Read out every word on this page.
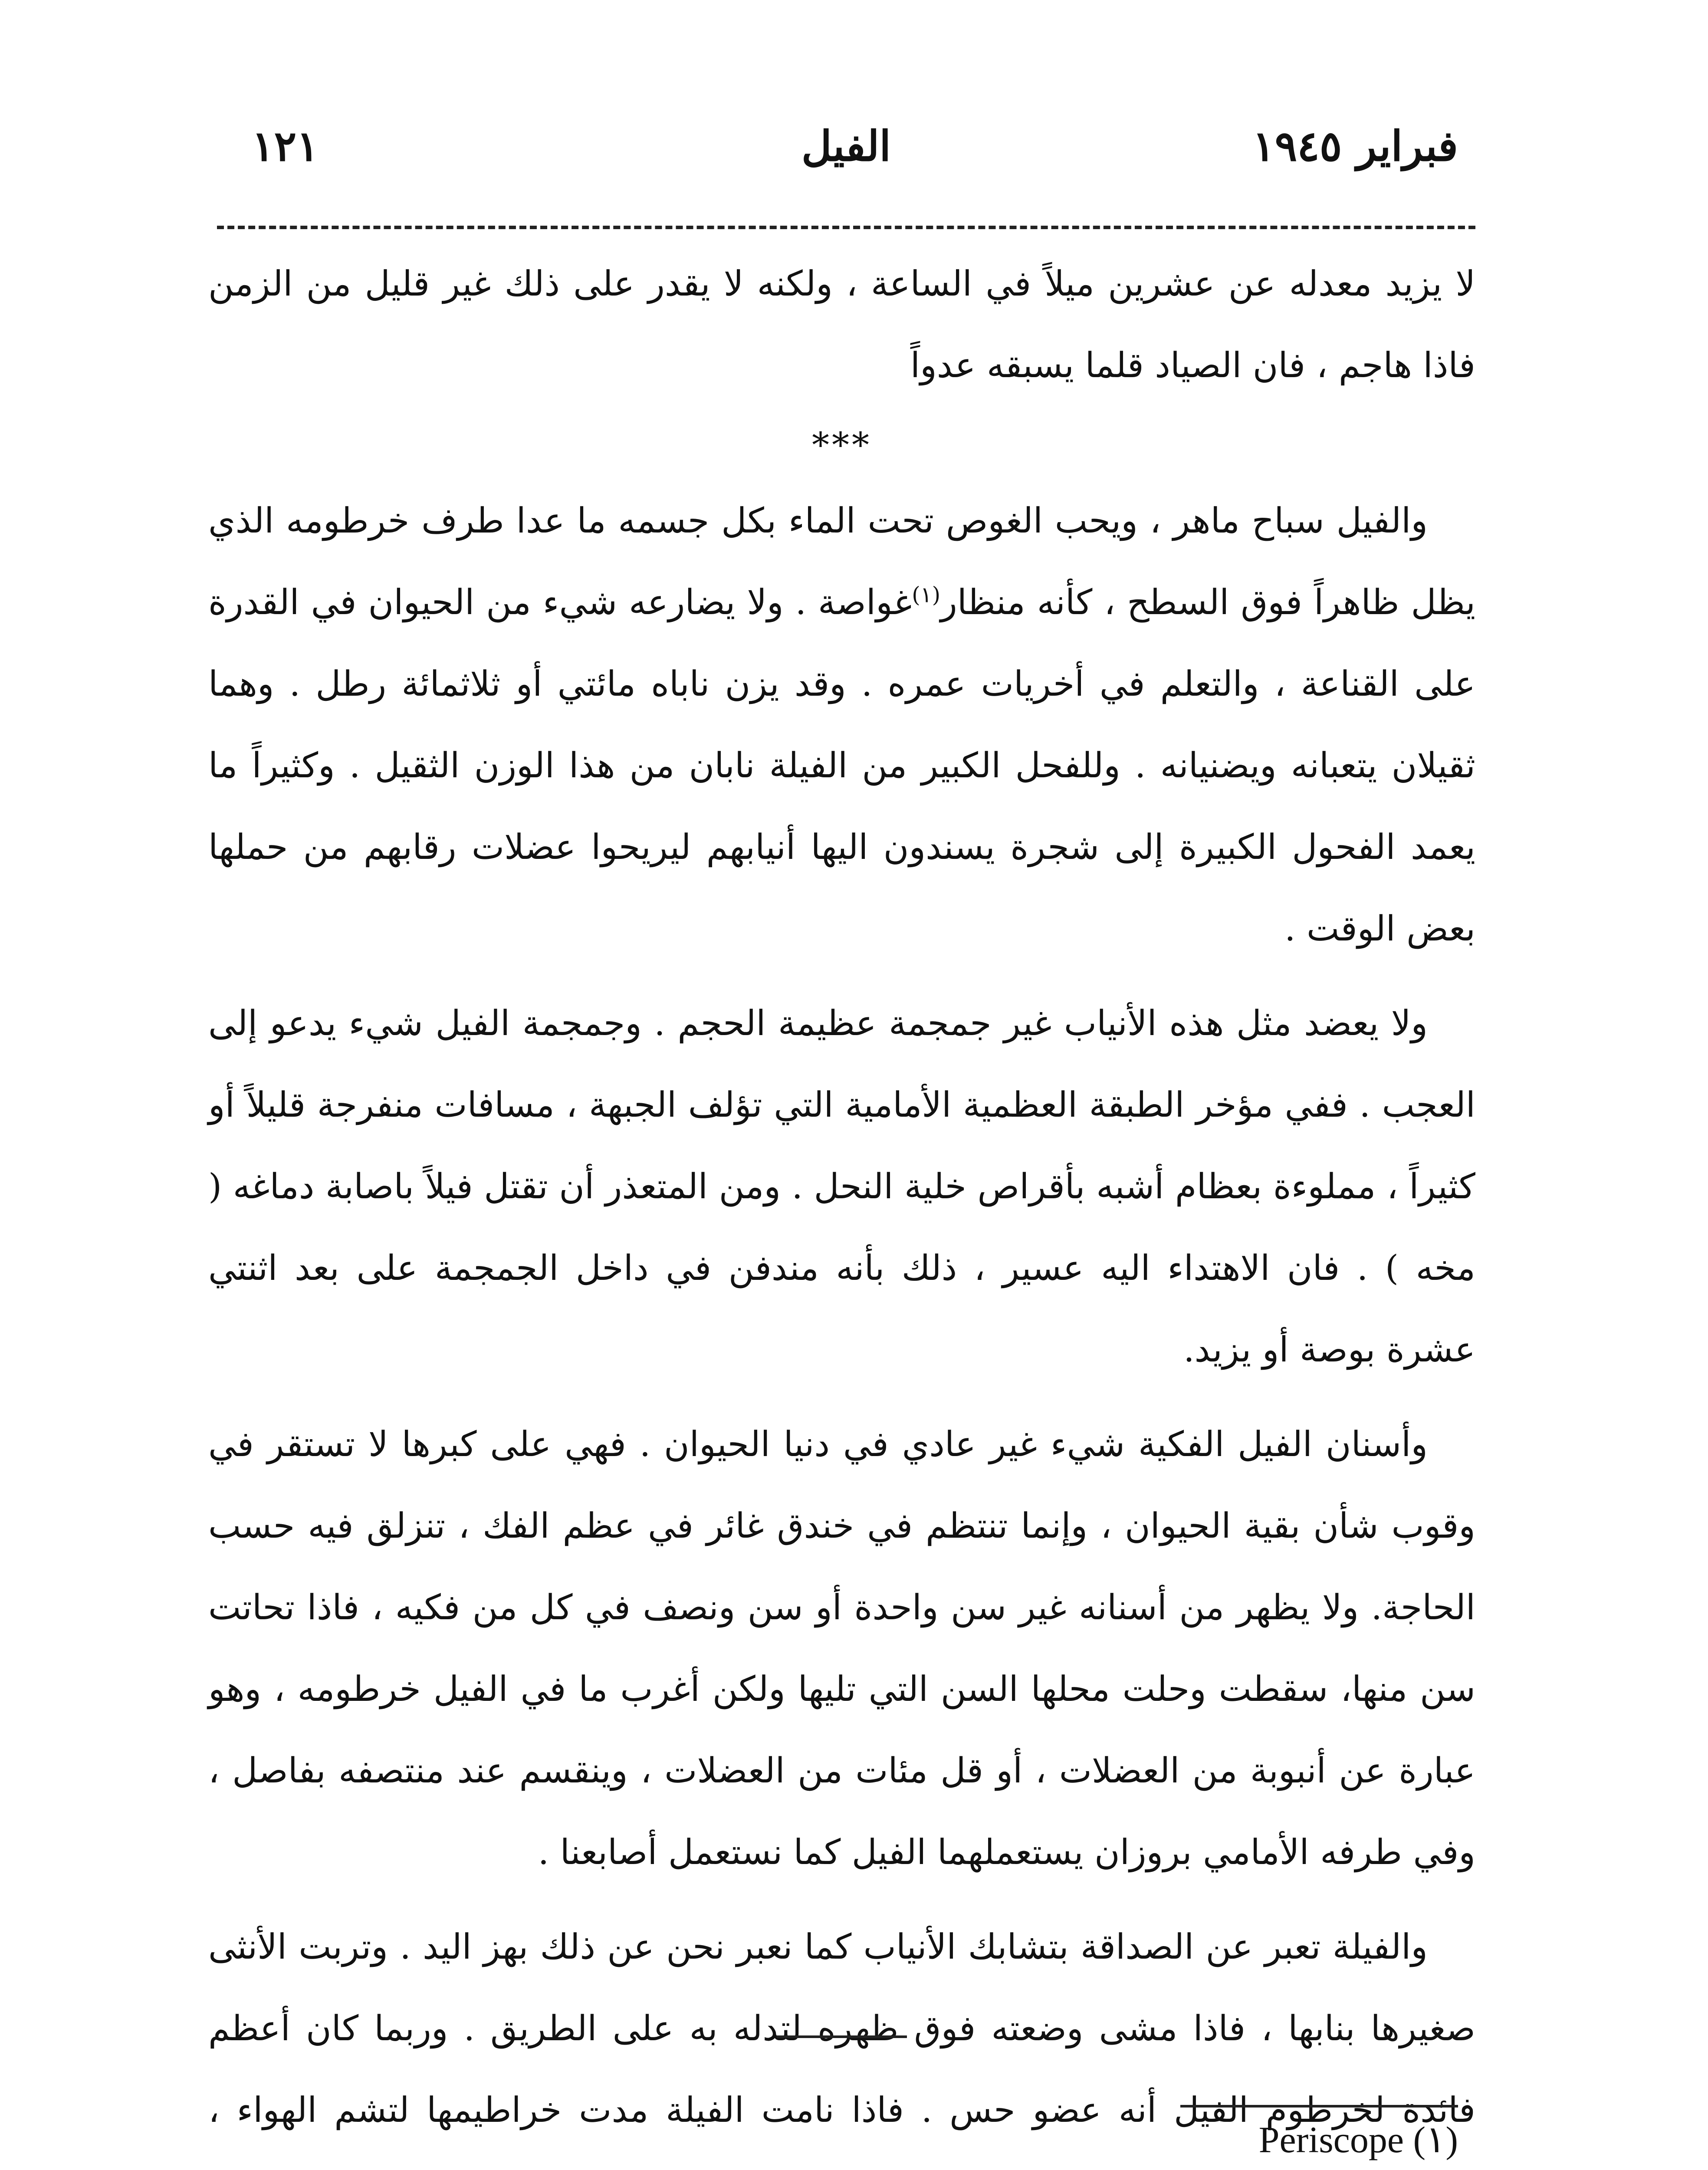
فبراير ١٩٤٥
الفيل
١٢١

لا يزيد معدله عن عشرين ميلاً في الساعة ، ولكنه لا يقدر على ذلك غير قليل من الزمن فاذا هاجم ، فان الصياد قلما يسبقه عدواً

***

والفيل سباح ماهر ، ويحب الغوص تحت الماء بكل جسمه ما عدا طرف خرطومه الذي يظل ظاهراً فوق السطح ، كأنه منظار$^{(١)}$غواصة . ولا يضارعه شيء من الحيوان في القدرة على القناعة ، والتعلم في أخريات عمره . وقد يزن ناباه مائتي أو ثلاثمائة رطل . وهما ثقيلان يتعبانه ويضنيانه . وللفحل الكبير من الفيلة نابان من هذا الوزن الثقيل . وكثيراً ما يعمد الفحول الكبيرة إلى شجرة يسندون اليها أنيابهم ليريحوا عضلات رقابهم من حملها بعض الوقت .

ولا يعضد مثل هذه الأنياب غير جمجمة عظيمة الحجم . وجمجمة الفيل شيء يدعو إلى العجب . ففي مؤخر الطبقة العظمية الأمامية التي تؤلف الجبهة ، مسافات منفرجة قليلاً أو كثيراً ، مملوءة بعظام أشبه بأقراص خلية النحل . ومن المتعذر أن تقتل فيلاً باصابة دماغه ( مخه ) . فان الاهتداء اليه عسير ، ذلك بأنه مندفن في داخل الجمجمة على بعد اثنتي عشرة بوصة أو يزيد.

وأسنان الفيل الفكية شيء غير عادي في دنيا الحيوان . فهي على كبرها لا تستقر في وقوب شأن بقية الحيوان ، وإنما تنتظم في خندق غائر في عظم الفك ، تنزلق فيه حسب الحاجة. ولا يظهر من أسنانه غير سن واحدة أو سن ونصف في كل من فكيه ، فاذا تحاتت سن منها، سقطت وحلت محلها السن التي تليها ولكن أغرب ما في الفيل خرطومه ، وهو عبارة عن أنبوبة من العضلات ، أو قل مئات من العضلات ، وينقسم عند منتصفه بفاصل ، وفي طرفه الأمامي بروزان يستعملهما الفيل كما نستعمل أصابعنا .

والفيلة تعبر عن الصداقة بتشابك الأنياب كما نعبر نحن عن ذلك بهز اليد . وتربت الأنثى صغيرها بنابها ، فاذا مشى وضعته فوق ظهره لتدله به على الطريق . وربما كان أعظم فائدة لخرطوم الفيل أنه عضو حس . فاذا نامت الفيلة مدت خراطيمها لتشم الهواء ،

Periscope (١)
